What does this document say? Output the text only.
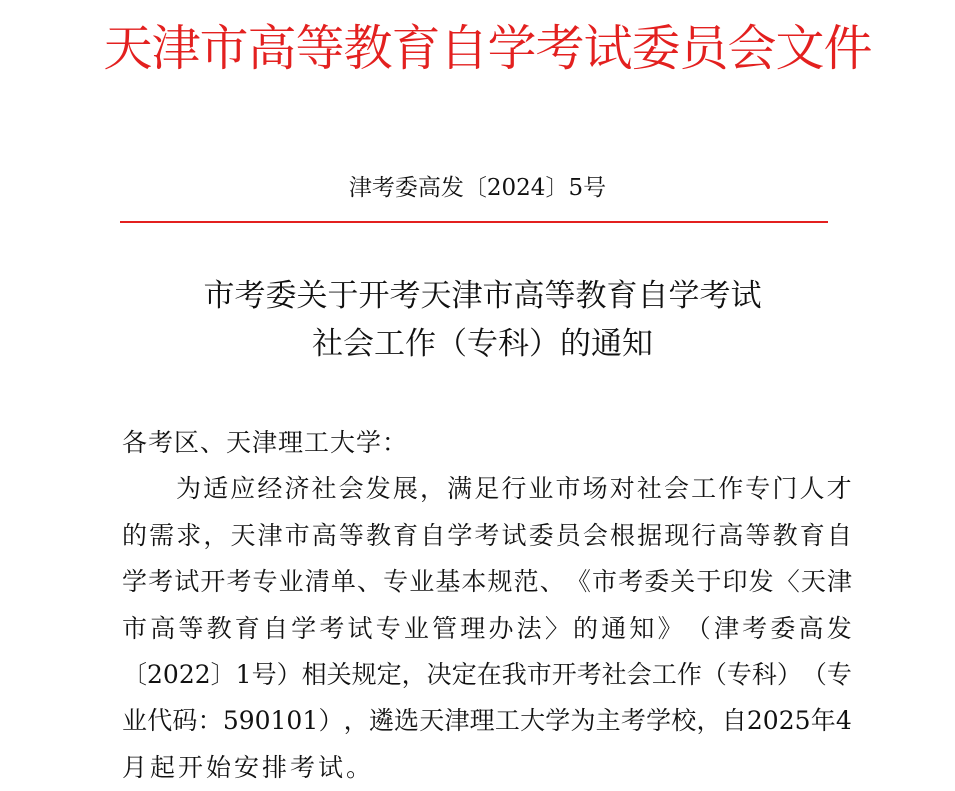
天津市高等教育自学考试委员会文件
津考委高发〔2024〕5号
市考委关于开考天津市高等教育自学考试
社会工作（专科）的通知
各考区、天津理工大学：
为 适 应 经 济 社 会 发 展 ， 满 足 行 业 市 场 对 社 会 工 作 专 门 人 才
的 需 求 ， 天 津 市 高 等 教 育 自 学 考 试 委 员 会 根 据 现 行 高 等 教 育 自
学 考 试 开 考 专 业 清 单 、 专 业 基 本 规 范 、 《 市 考 委 关 于 印 发 〈 天 津
市 高 等 教 育 自 学 考 试 专 业 管 理 办 法 〉 的 通 知 》 （ 津 考 委 高 发
〔 2022 〕 1 号 ） 相 关 规 定 ， 决 定 在 我 市 开 考 社 会 工 作 （ 专 科 ） （ 专
业 代 码 ： 590101 ） ， 遴 选 天 津 理 工 大 学 为 主 考 学 校 ， 自 2025 年 4
月起开始安排考试。
